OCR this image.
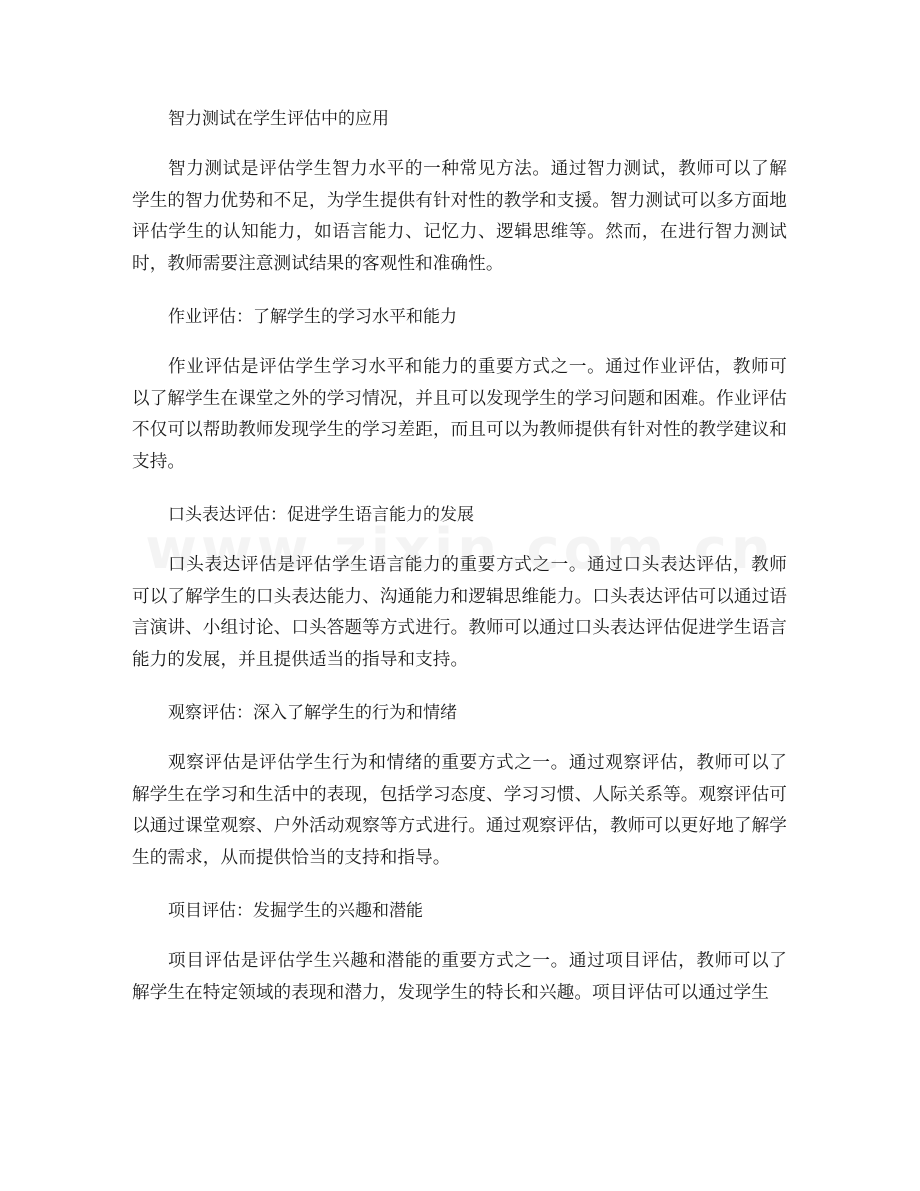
智力测试在学生评估中的应用

智力测试是评估学生智力水平的一种常见方法。通过智力测试，教师可以了解学生的智力优势和不足，为学生提供有针对性的教学和支援。智力测试可以多方面地评估学生的认知能力，如语言能力、记忆力、逻辑思维等。然而，在进行智力测试时，教师需要注意测试结果的客观性和准确性。

作业评估：了解学生的学习水平和能力

作业评估是评估学生学习水平和能力的重要方式之一。通过作业评估，教师可以了解学生在课堂之外的学习情况，并且可以发现学生的学习问题和困难。作业评估不仅可以帮助教师发现学生的学习差距，而且可以为教师提供有针对性的教学建议和支持。

口头表达评估：促进学生语言能力的发展

口头表达评估是评估学生语言能力的重要方式之一。通过口头表达评估，教师可以了解学生的口头表达能力、沟通能力和逻辑思维能力。口头表达评估可以通过语言演讲、小组讨论、口头答题等方式进行。教师可以通过口头表达评估促进学生语言能力的发展，并且提供适当的指导和支持。

观察评估：深入了解学生的行为和情绪

观察评估是评估学生行为和情绪的重要方式之一。通过观察评估，教师可以了解学生在学习和生活中的表现，包括学习态度、学习习惯、人际关系等。观察评估可以通过课堂观察、户外活动观察等方式进行。通过观察评估，教师可以更好地了解学生的需求，从而提供恰当的支持和指导。

项目评估：发掘学生的兴趣和潜能

项目评估是评估学生兴趣和潜能的重要方式之一。通过项目评估，教师可以了解学生在特定领域的表现和潜力，发现学生的特长和兴趣。项目评估可以通过学生
